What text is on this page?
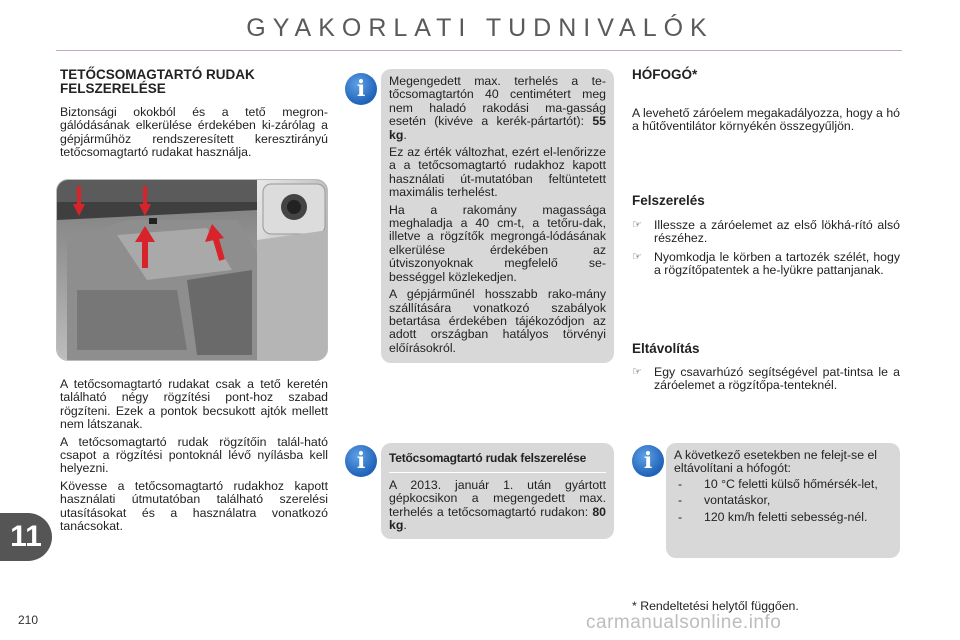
GYAKORLATI TUDNIVALÓK
TETŐCSOMAGTARTÓ RUDAK FELSZERELÉSE
Biztonsági okokból és a tető megron-gálódásának elkerülése érdekében ki-zárólag a gépjárműhöz rendszeresített keresztirányú tetőcsomagtartó rudakat használja.
A tetőcsomagtartó rudakat csak a tető keretén található négy rögzítési pont-hoz szabad rögzíteni. Ezek a pontok becsukott ajtók mellett nem látszanak.
A tetőcsomagtartó rudak rögzítőin talál-ható csapot a rögzítési pontoknál lévő nyílásba kell helyezni.
Kövesse a tetőcsomagtartó rudakhoz kapott használati útmutatóban található szerelési utasításokat és a használatra vonatkozó tanácsokat.
i	Megengedett max. terhelés a te-tőcsomagtartón 40 centimétert meg nem haladó rakodási ma-gasság esetén (kivéve a kerék-pártartót): 55 kg.
Ez az érték változhat, ezért el-lenőrizze a a tetőcsomagtartó rudakhoz kapott használati út-mutatóban feltüntetett maximális terhelést.
Ha a rakomány magassága meghaladja a 40 cm-t, a tetőru-dak, illetve a rögzítők megrongá-lódásának elkerülése érdekében az útviszonyoknak megfelelő se-bességgel közlekedjen.
A gépjárműnél hosszabb rako-mány szállítására vonatkozó szabályok betartása érdekében tájékozódjon az adott országban hatályos törvényi előírásokról.
i	Tetőcsomagtartó rudak felszerelése
A 2013. január 1. után gyártott gépkocsikon a megengedett max. terhelés a tetőcsomagtartó rudakon: 80 kg.
HÓFOGÓ*
A levehető záróelem megakadályozza, hogy a hó a hűtőventilátor környékén összegyűljön.
Felszerelés
☞ Illessze a záróelemet az első lökhá-rító alsó részéhez.
☞ Nyomkodja le körben a tartozék szélét, hogy a rögzítőpatentek a he-lyükre pattanjanak.
Eltávolítás
☞ Egy csavarhúzó segítségével pat-tintsa le a záróelemet a rögzítőpa-tenteknél.
i	A következő esetekben ne felejt-se el eltávolítani a hófogót:
- 10 °C feletti külső hőmérsék-let,
- vontatáskor,
- 120 km/h feletti sebesség-nél.
11
210
* Rendeltetési helytől függően.
carmanualsonline.info
